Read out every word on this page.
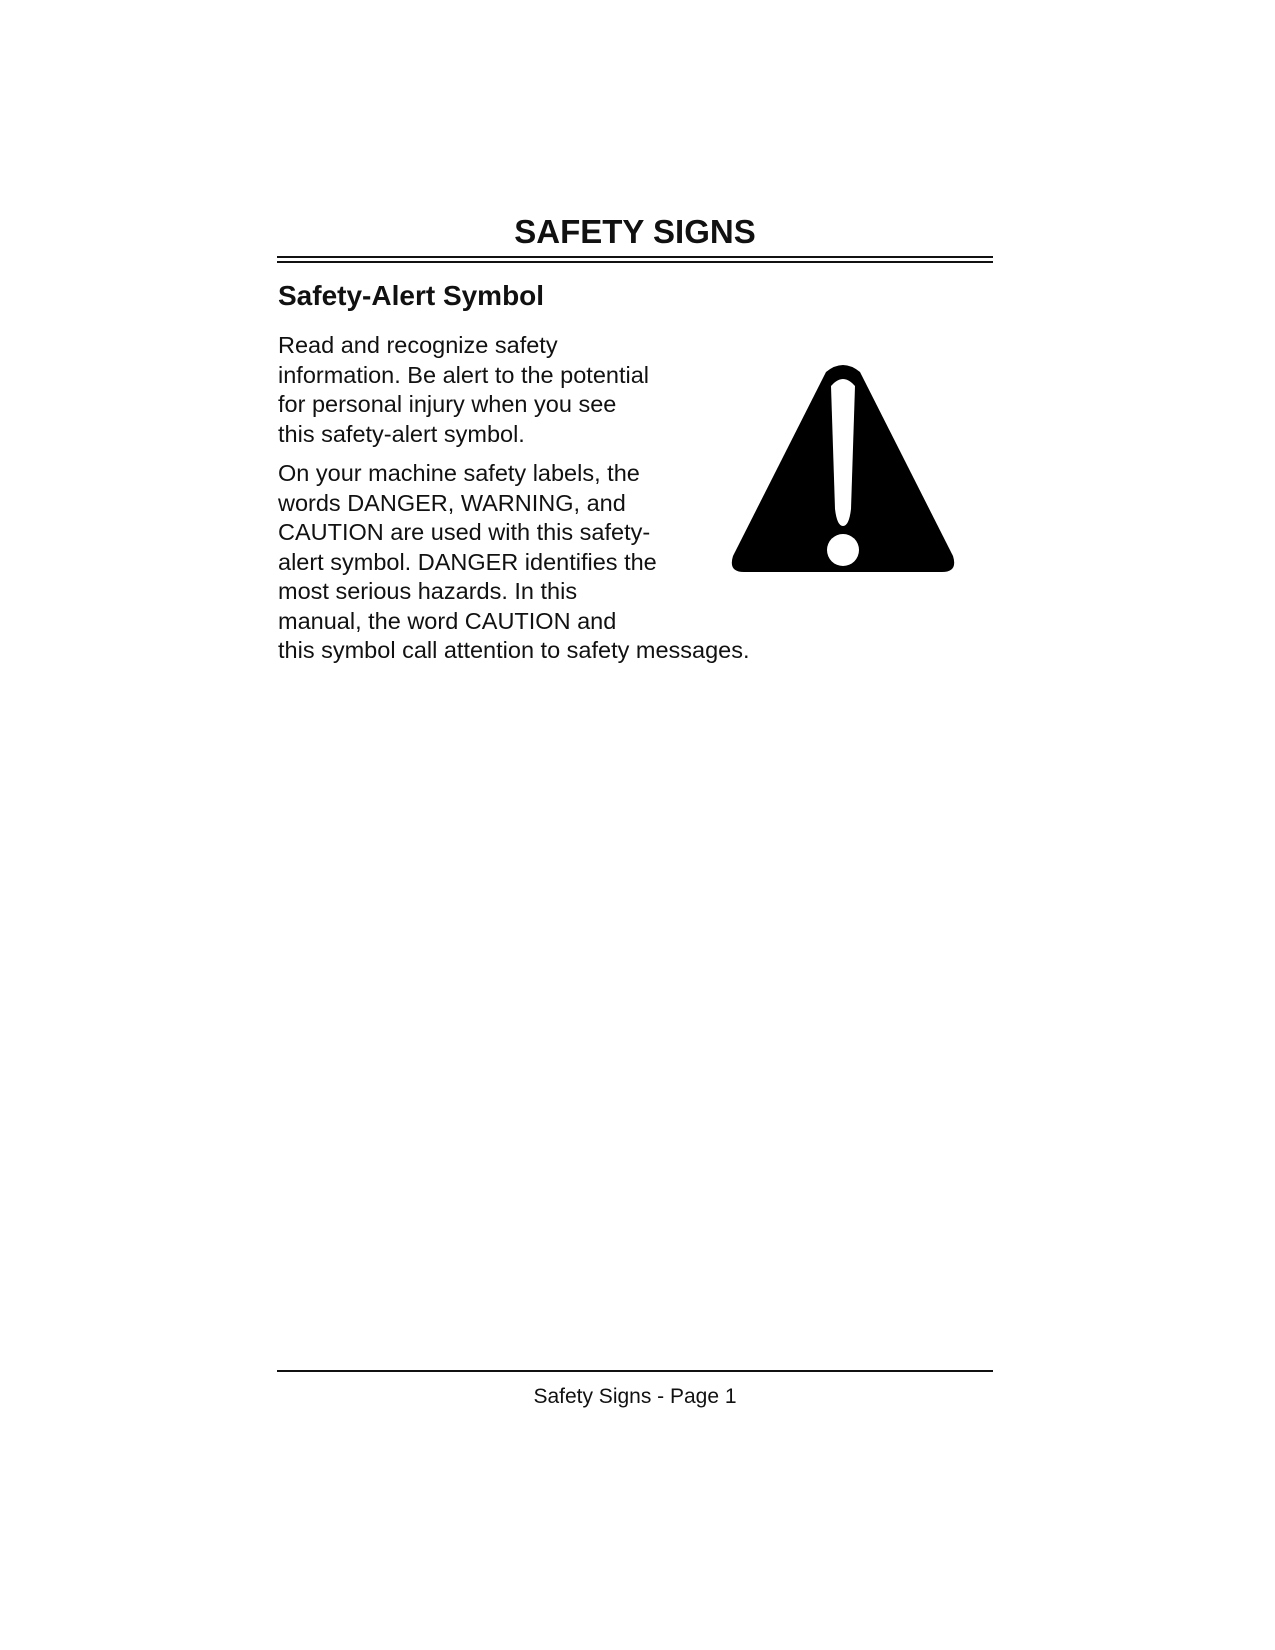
SAFETY SIGNS
Safety-Alert Symbol

Read and recognize safety
information. Be alert to the potential
for personal injury when you see
this safety-alert symbol.

On your machine safety labels, the
words DANGER, WARNING, and
CAUTION are used with this safety-
alert symbol. DANGER identifies the
most serious hazards. In this
manual, the word CAUTION and
this symbol call attention to safety messages.

Safety Signs - Page 1
